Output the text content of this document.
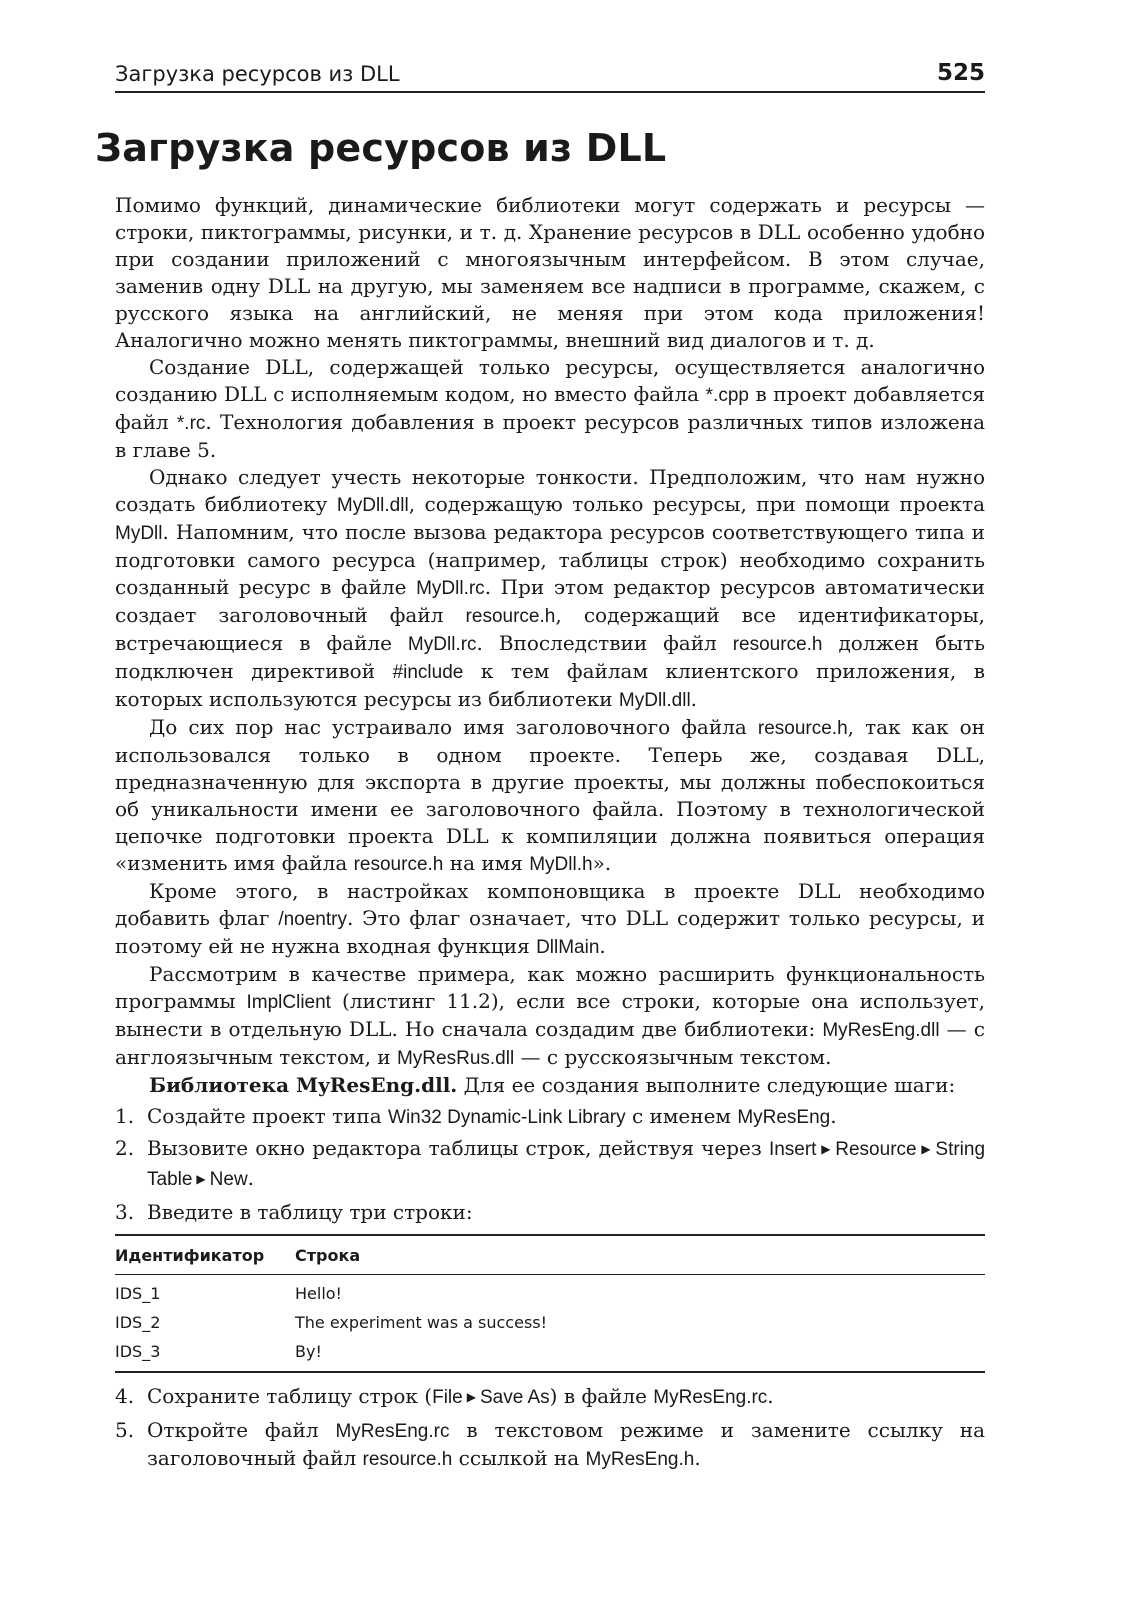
Загрузка ресурсов из DLL	525
Загрузка ресурсов из DLL

Помимо функций, динамические библиотеки могут содержать и ресурсы — строки, пиктограммы, рисунки, и т. д. Хранение ресурсов в DLL особенно удобно при создании приложений с многоязычным интерфейсом. В этом случае, заменив одну DLL на другую, мы заменяем все надписи в программе, скажем, с русского языка на английский, не меняя при этом кода приложения! Аналогично можно менять пиктограммы, внешний вид диалогов и т. д.

Создание DLL, содержащей только ресурсы, осуществляется аналогично созданию DLL с исполняемым кодом, но вместо файла *.cpp в проект добавляется файл *.rc. Технология добавления в проект ресурсов различных типов изложена в главе 5.

Однако следует учесть некоторые тонкости. Предположим, что нам нужно создать библиотеку MyDll.dll, содержащую только ресурсы, при помощи проекта MyDll. Напомним, что после вызова редактора ресурсов соответствующего типа и подготовки самого ресурса (например, таблицы строк) необходимо сохранить созданный ресурс в файле MyDll.rc. При этом редактор ресурсов автоматически создает заголовочный файл resource.h, содержащий все идентификаторы, встречающиеся в файле MyDll.rc. Впоследствии файл resource.h должен быть подключен директивой #include к тем файлам клиентского приложения, в которых используются ресурсы из библиотеки MyDll.dll.

До сих пор нас устраивало имя заголовочного файла resource.h, так как он использовался только в одном проекте. Теперь же, создавая DLL, предназначенную для экспорта в другие проекты, мы должны побеспокоиться об уникальности имени ее заголовочного файла. Поэтому в технологической цепочке подготовки проекта DLL к компиляции должна появиться операция «изменить имя файла resource.h на имя MyDll.h».

Кроме этого, в настройках компоновщика в проекте DLL необходимо добавить флаг /noentry. Это флаг означает, что DLL содержит только ресурсы, и поэтому ей не нужна входная функция DllMain.

Рассмотрим в качестве примера, как можно расширить функциональность программы ImplClient (листинг 11.2), если все строки, которые она использует, вынести в отдельную DLL. Но сначала создадим две библиотеки: MyResEng.dll — с англоязычным текстом, и MyResRus.dll — с русскоязычным текстом.

Библиотека MyResEng.dll. Для ее создания выполните следующие шаги:

1. Создайте проект типа Win32 Dynamic-Link Library с именем MyResEng.
2. Вызовите окно редактора таблицы строк, действуя через Insert ▶ Resource ▶ String Table ▶ New.
3. Введите в таблицу три строки:
Идентификатор	Строка
IDS_1	Hello!
IDS_2	The experiment was a success!
IDS_3	By!
4. Сохраните таблицу строк (File ▶ Save As) в файле MyResEng.rc.
5. Откройте файл MyResEng.rc в текстовом режиме и замените ссылку на заголовочный файл resource.h ссылкой на MyResEng.h.
